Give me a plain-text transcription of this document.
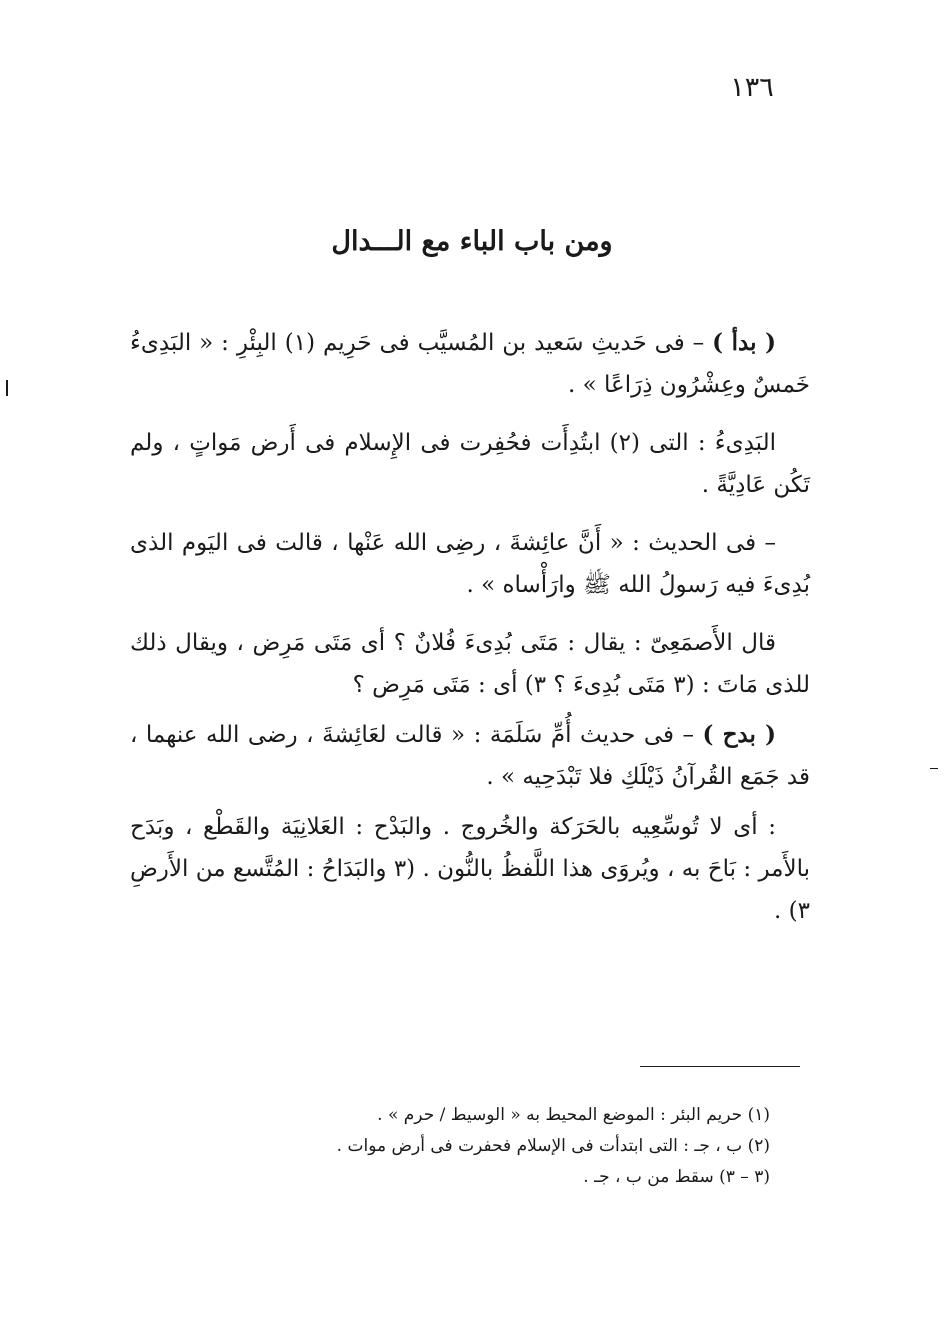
١٣٦
ومن باب الباء مع الـــدال

( بدأ ) – فى حَديثِ سَعيد بن المُسيَّب فى حَرِيم (١) البِئْرِ : « البَدِىءُ خَمسٌ وعِشْرُون ذِرَاعًا » .

البَدِىءُ : التى (٢) ابتُدِأَت فحُفِرت فى الإِسلام فى أَرض مَواتٍ ، ولم تَكُن عَادِيَّةً .

– فى الحديث : « أَنَّ عائِشةَ ، رضِى الله عَنْها ، قالت فى اليَوم الذى بُدِىءَ فيه رَسولُ الله ﷺ وارَأْساه » .

قال الأَصمَعِىّ : يقال : مَتَى بُدِىءَ فُلانٌ ؟ أى مَتَى مَرِض ، ويقال ذلك للذى مَاتَ : (٣ مَتَى بُدِىءَ ؟ ٣) أى : مَتَى مَرِض ؟

( بدح ) – فى حديث أُمِّ سَلَمَة : « قالت لعَائِشةَ ، رضى الله عنهما ، قد جَمَع القُرآنُ ذَيْلَكِ فلا تَبْدَحِيه » .

: أى لا تُوسِّعِيه بالحَرَكة والخُروج . والبَدْح : العَلانِيَة والقَطْع ، وبَدَح بالأَمر : بَاحَ به ، ويُروَى هذا اللَّفظُ بالنُّون . (٣ والبَدَاحُ : المُتَّسع من الأَرضِ ٣) .

(١) حريم البئر : الموضع المحيط به « الوسيط / حرم » .
(٢) ب ، جـ : التى ابتدأت فى الإسلام فحفرت فى أرض موات .
(٣ – ٣) سقط من ب ، جـ .
